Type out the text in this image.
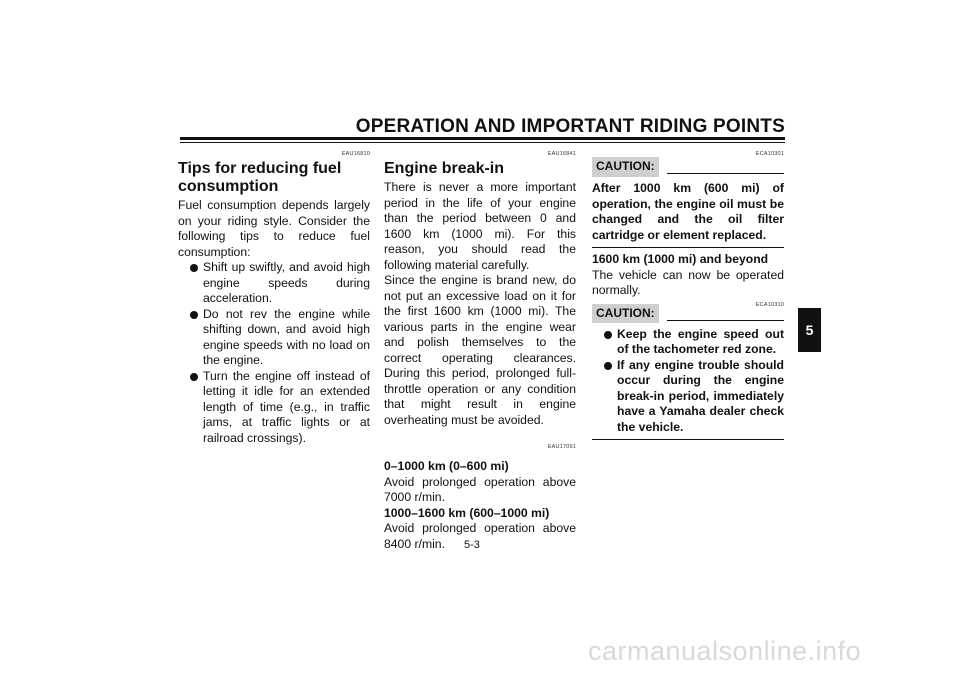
OPERATION AND IMPORTANT RIDING POINTS
5
EAU16810
Tips for reducing fuel consumption

Fuel consumption depends largely on your riding style. Consider the following tips to reduce fuel consumption:

Shift up swiftly, and avoid high engine speeds during acceleration.
Do not rev the engine while shifting down, and avoid high engine speeds with no load on the engine.
Turn the engine off instead of letting it idle for an extended length of time (e.g., in traffic jams, at traffic lights or at railroad crossings).
EAU16841
Engine break-in

There is never a more important period in the life of your engine than the period between 0 and 1600 km (1000 mi). For this reason, you should read the following material carefully.

Since the engine is brand new, do not put an excessive load on it for the first 1600 km (1000 mi). The various parts in the engine wear and polish themselves to the correct operating clearances. During this period, prolonged full-throttle operation or any condition that might result in engine overheating must be avoided.

EAU17091

0–1000 km (0–600 mi)

Avoid prolonged operation above 7000 r/min.

1000–1600 km (600–1000 mi)

Avoid prolonged operation above 8400 r/min.

ECA10301
CAUTION:

After 1000 km (600 mi) of operation, the engine oil must be changed and the oil filter cartridge or element replaced.

1600 km (1000 mi) and beyond

The vehicle can now be operated normally.

ECA10310
CAUTION:
Keep the engine speed out of the tachometer red zone.
If any engine trouble should occur during the engine break-in period, immediately have a Yamaha dealer check the vehicle.
5-3
carmanualsonline.info
